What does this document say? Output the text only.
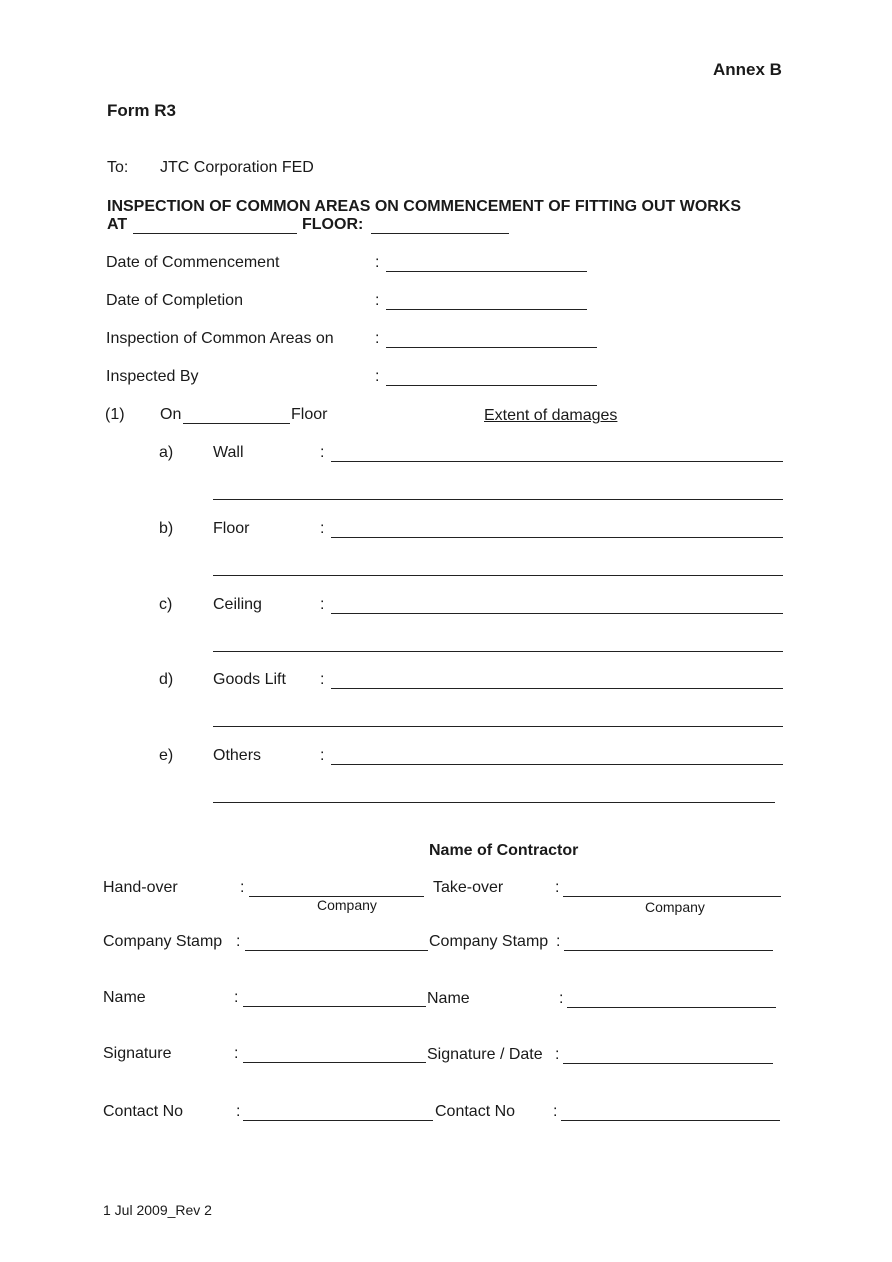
Annex B
Form R3
To: JTC Corporation FED
INSPECTION OF COMMON AREAS ON COMMENCEMENT OF FITTING OUT WORKS
AT	FLOOR:
Date of Commencement	:
Date of Completion	:
Inspection of Common Areas on	:
Inspected By	:
(1) On	Floor	Extent of damages
a) Wall	:
b) Floor	:
c)	Ceiling	:
d) Goods Lift :
e) Others	:
Name of Contractor
Hand-over	:
Company
Take-over	:
Company
Company Stamp :	Company Stamp :
Name	:	Name	:
Signature	:	Signature / Date :
Contact No	:	Contact No :
1 Jul 2009_Rev 2
